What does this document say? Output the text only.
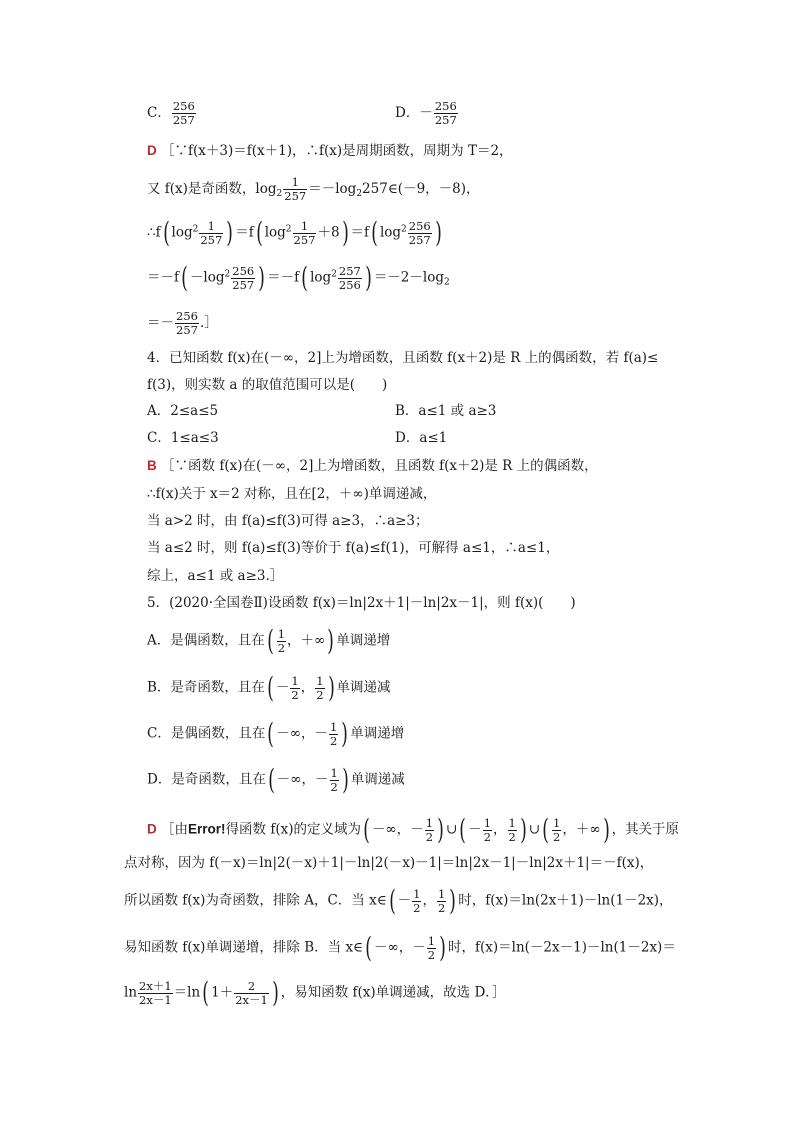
C． $\frac{256}{257}$	D．－ $\frac{256}{257}$
D ［∵f(x＋3)＝f(x＋1)，∴f(x)是周期函数，周期为 T＝2，
又 f(x)是奇函数，$\log_2 \frac{1}{257}$ $=-\log_2257\in(-9$，－8)，
∴f( $\log^2 \frac{1}{257}$ ) ＝f( $\log^2 \frac{1}{257} +8) =f$( $\log^2 \frac{256}{257}$ )
$=-f( -\log^2 \frac{256}{257}$ ) ＝－f( $\log^2 \frac{257}{256}$ ) $=-2-\log_2$
＝－ $\frac{256}{257}$ .］
4．已知函数 f(x)在(－∞，2]上为增函数，且函数 f(x＋2)是 R 上的偶函数，若 f(a)≤
f(3)，则实数 a 的取值范围可以是(　　)
A．2≤a≤5	B．a≤1 或 a≥3
C．1≤a≤3	D．a≤1
B ［∵函数 f(x)在(－∞，2]上为增函数，且函数 f(x＋2)是 R 上的偶函数，
∴f(x)关于 x＝2 对称，且在[2，＋∞)单调递减，
当 a>2 时，由 f(a)≤f(3)可得 a≥3，∴a≥3；
当 a≤2 时，则 f(a)≤f(3)等价于 f(a)≤f(1)，可解得 a≤1，∴a≤1，
综上，a≤1 或 a≥3.］
5．(2020·全国卷Ⅱ)设函数 f(x)＝ln|2x＋1|－ln|2x－1|，则 f(x)(　　)
A．是偶函数，且在( $\frac{1}{2}$ ，＋∞) 单调递增
B．是奇函数，且在( － $\frac{1}{2}$ ， $\frac{1}{2}$ ) 单调递减
C．是偶函数，且在( －∞，－ $\frac{1}{2}$ ) 单调递增
D．是奇函数，且在( －∞，－ $\frac{1}{2}$ ) 单调递减
D ［由Error!得函数 f(x)的定义域为( －∞，－ $\frac{1}{2}$ ) ∪( － $\frac{1}{2}$ ， $\frac{1}{2}$ ) ∪( $\frac{1}{2}$ ，＋∞) ，其关于原
点对称，因为 f(－x)＝ln|2(－x)＋1|－ln|2(－x)－1|＝ln|2x－1|－ln|2x＋1|＝－f(x)，
所以函数 f(x)为奇函数，排除 A，C．当 x∈( － $\frac{1}{2}$ ， $\frac{1}{2}$ ) 时，f(x)＝ln(2x＋1)－ln(1－2x)，
易知函数 f(x)单调递增，排除 B．当 x∈( －∞，－ $\frac{1}{2}$ ) 时，f(x)＝ln(－2x－1)－ln(1－2x)＝
$\ln \frac{2x+1}{2x-1} =\ln$( $1+ \frac{2}{2x-1}$ ) ，易知函数 f(x)单调递减，故选 D．］
